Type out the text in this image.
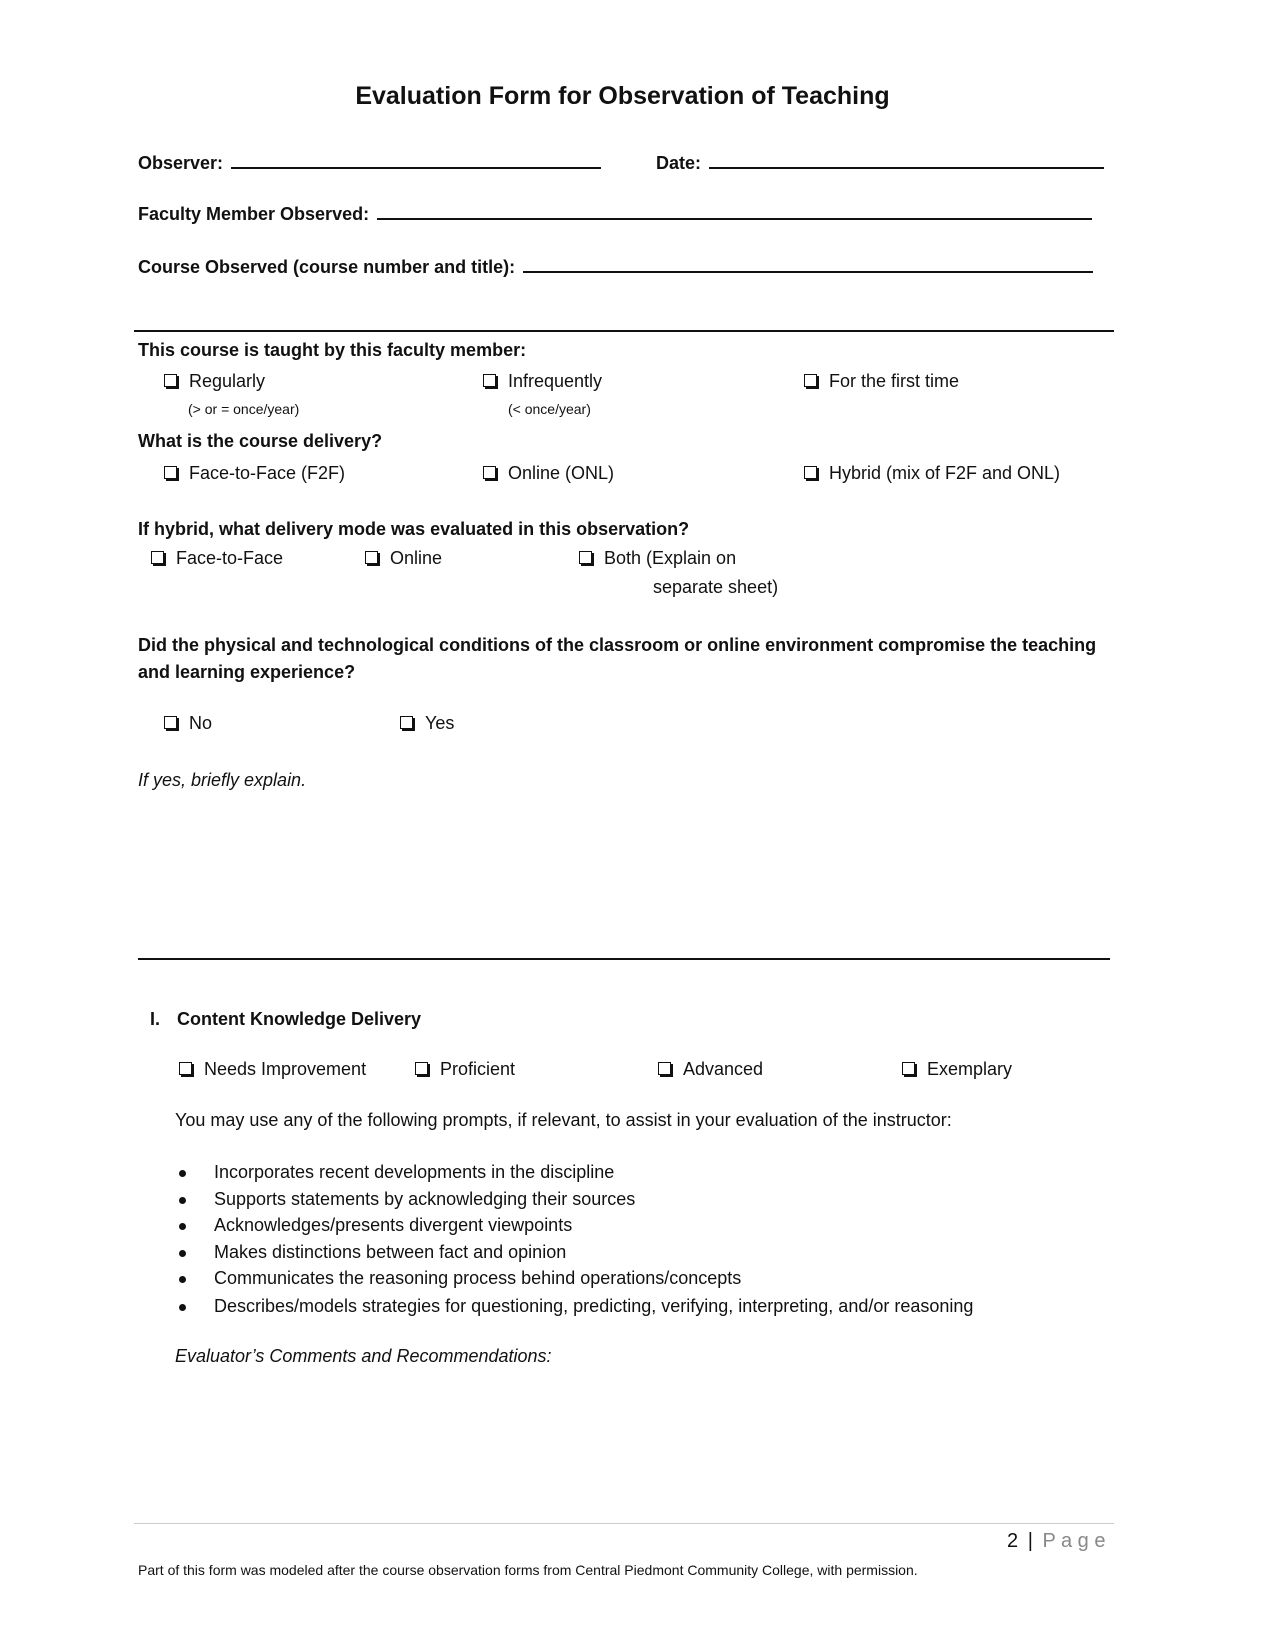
Evaluation Form for Observation of Teaching
Observer:	Date:
Faculty Member Observed:
Course Observed (course number and title):
This course is taught by this faculty member:
Regularly
(> or = once/year)
Infrequently
(< once/year)
For the first time
What is the course delivery?
Face-to-Face (F2F)	Online (ONL)	Hybrid (mix of F2F and ONL)
If hybrid, what delivery mode was evaluated in this observation?
Face-to-Face	Online	Both (Explain on
separate sheet)
Did the physical and technological conditions of the classroom or online environment compromise the teaching
and learning experience?
No	Yes
If yes, briefly explain.
I. Content Knowledge Delivery
Needs Improvement	Proficient	Advanced	Exemplary
You may use any of the following prompts, if relevant, to assist in your evaluation of the instructor:
Incorporates recent developments in the discipline
Supports statements by acknowledging their sources
Acknowledges/presents divergent viewpoints
Makes distinctions between fact and opinion
Communicates the reasoning process behind operations/concepts
Describes/models strategies for questioning, predicting, verifying, interpreting, and/or reasoning
Evaluator’s Comments and Recommendations:
2 | P a g e
Part of this form was modeled after the course observation forms from Central Piedmont Community College, with permission.
